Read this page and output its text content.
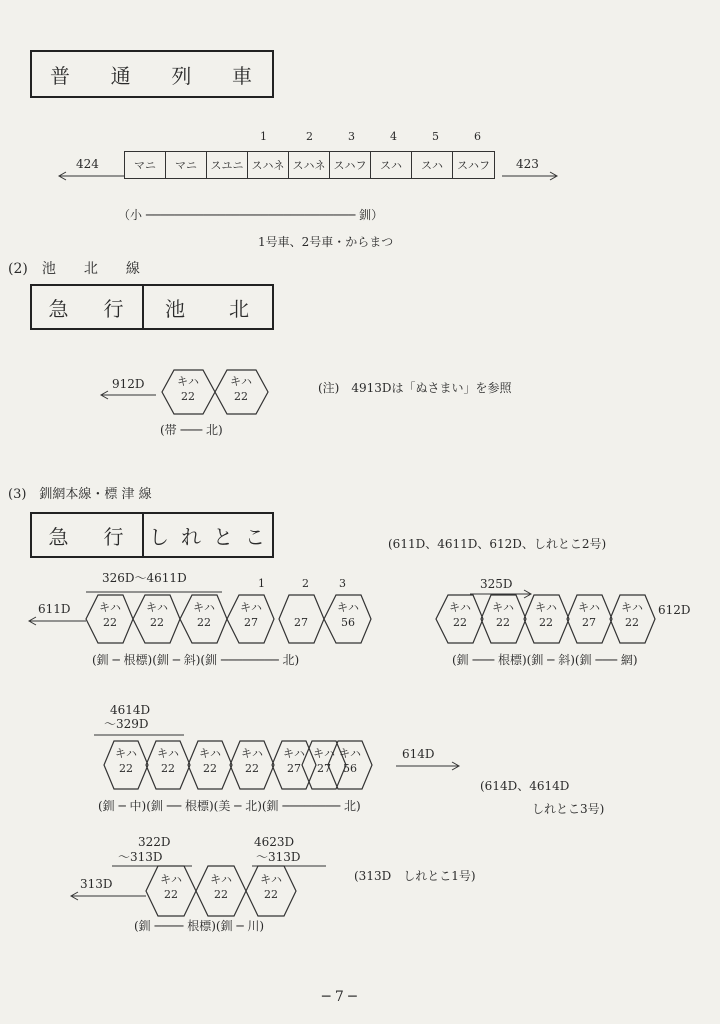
普 通 列 車
1	2	3	4	5	6
424	マニ	マニ	スユニ スハネ スハネ スハフ	スハ	スハ	スハフ	423
（小 ───────────────────────────── 釧）
1号車、2号車・からまつ
(2)　池　　北　　線
急 行 池 北
912D	キハ
22
キハ
22
(帯 ─── 北)
(注)　4913Dは「ぬさまい」を参照
(3)　釧網本線・標 津 線
急 行 し れ と こ	(611D、4611D、612D、しれとこ2号)
326D〜4611D	1	2	3
611D	キハ
22
キハ
22
キハ
22
キハ
27
	27
キハ
56
(釧 ─ 根標)(釧 ─ 斜)(釧 ──────── 北)
325D
キハ
22
キハ
22
キハ
22
キハ
27
キハ
22
612D
(釧 ─── 根標)(釧 ─ 斜)(釧 ─── 網)
4614D
〜329D
キハ
22
キハ
22
キハ
22
キハ
22
キハ
27
キハ
27
キハ
56
(釧 ─ 中)(釧 ── 根標)(美 ─ 北)(釧 ──────── 北)
614D
(614D、4614D
しれとこ3号)
322D
〜313D
4623D
〜313D
313D	キハ
22
キハ
22
キハ
22
(釧 ──── 根標)(釧 ─ 川)
(313D　しれとこ1号)
─ 7 ─
